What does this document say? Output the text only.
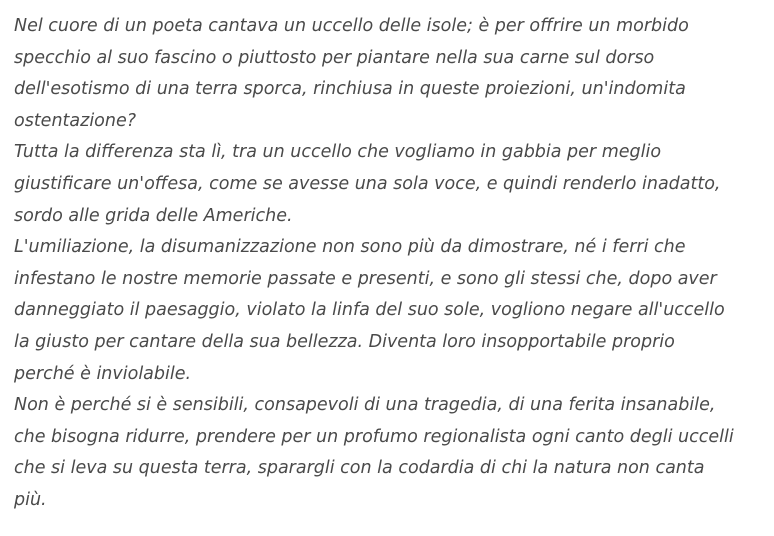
Nel cuore di un poeta cantava un uccello delle isole; è per offrire un morbido
specchio al suo fascino o piuttosto per piantare nella sua carne sul dorso
dell'esotismo di una terra sporca, rinchiusa in queste proiezioni, un'indomita
ostentazione?
Tutta la differenza sta lì, tra un uccello che vogliamo in gabbia per meglio
giustificare un'offesa, come se avesse una sola voce, e quindi renderlo inadatto,
sordo alle grida delle Americhe.
L'umiliazione, la disumanizzazione non sono più da dimostrare, né i ferri che
infestano le nostre memorie passate e presenti, e sono gli stessi che, dopo aver
danneggiato il paesaggio, violato la linfa del suo sole, vogliono negare all'uccello
la giusto per cantare della sua bellezza. Diventa loro insopportabile proprio
perché è inviolabile.
Non è perché si è sensibili, consapevoli di una tragedia, di una ferita insanabile,
che bisogna ridurre, prendere per un profumo regionalista ogni canto degli uccelli
che si leva su questa terra, sparargli con la codardia di chi la natura non canta
più.
